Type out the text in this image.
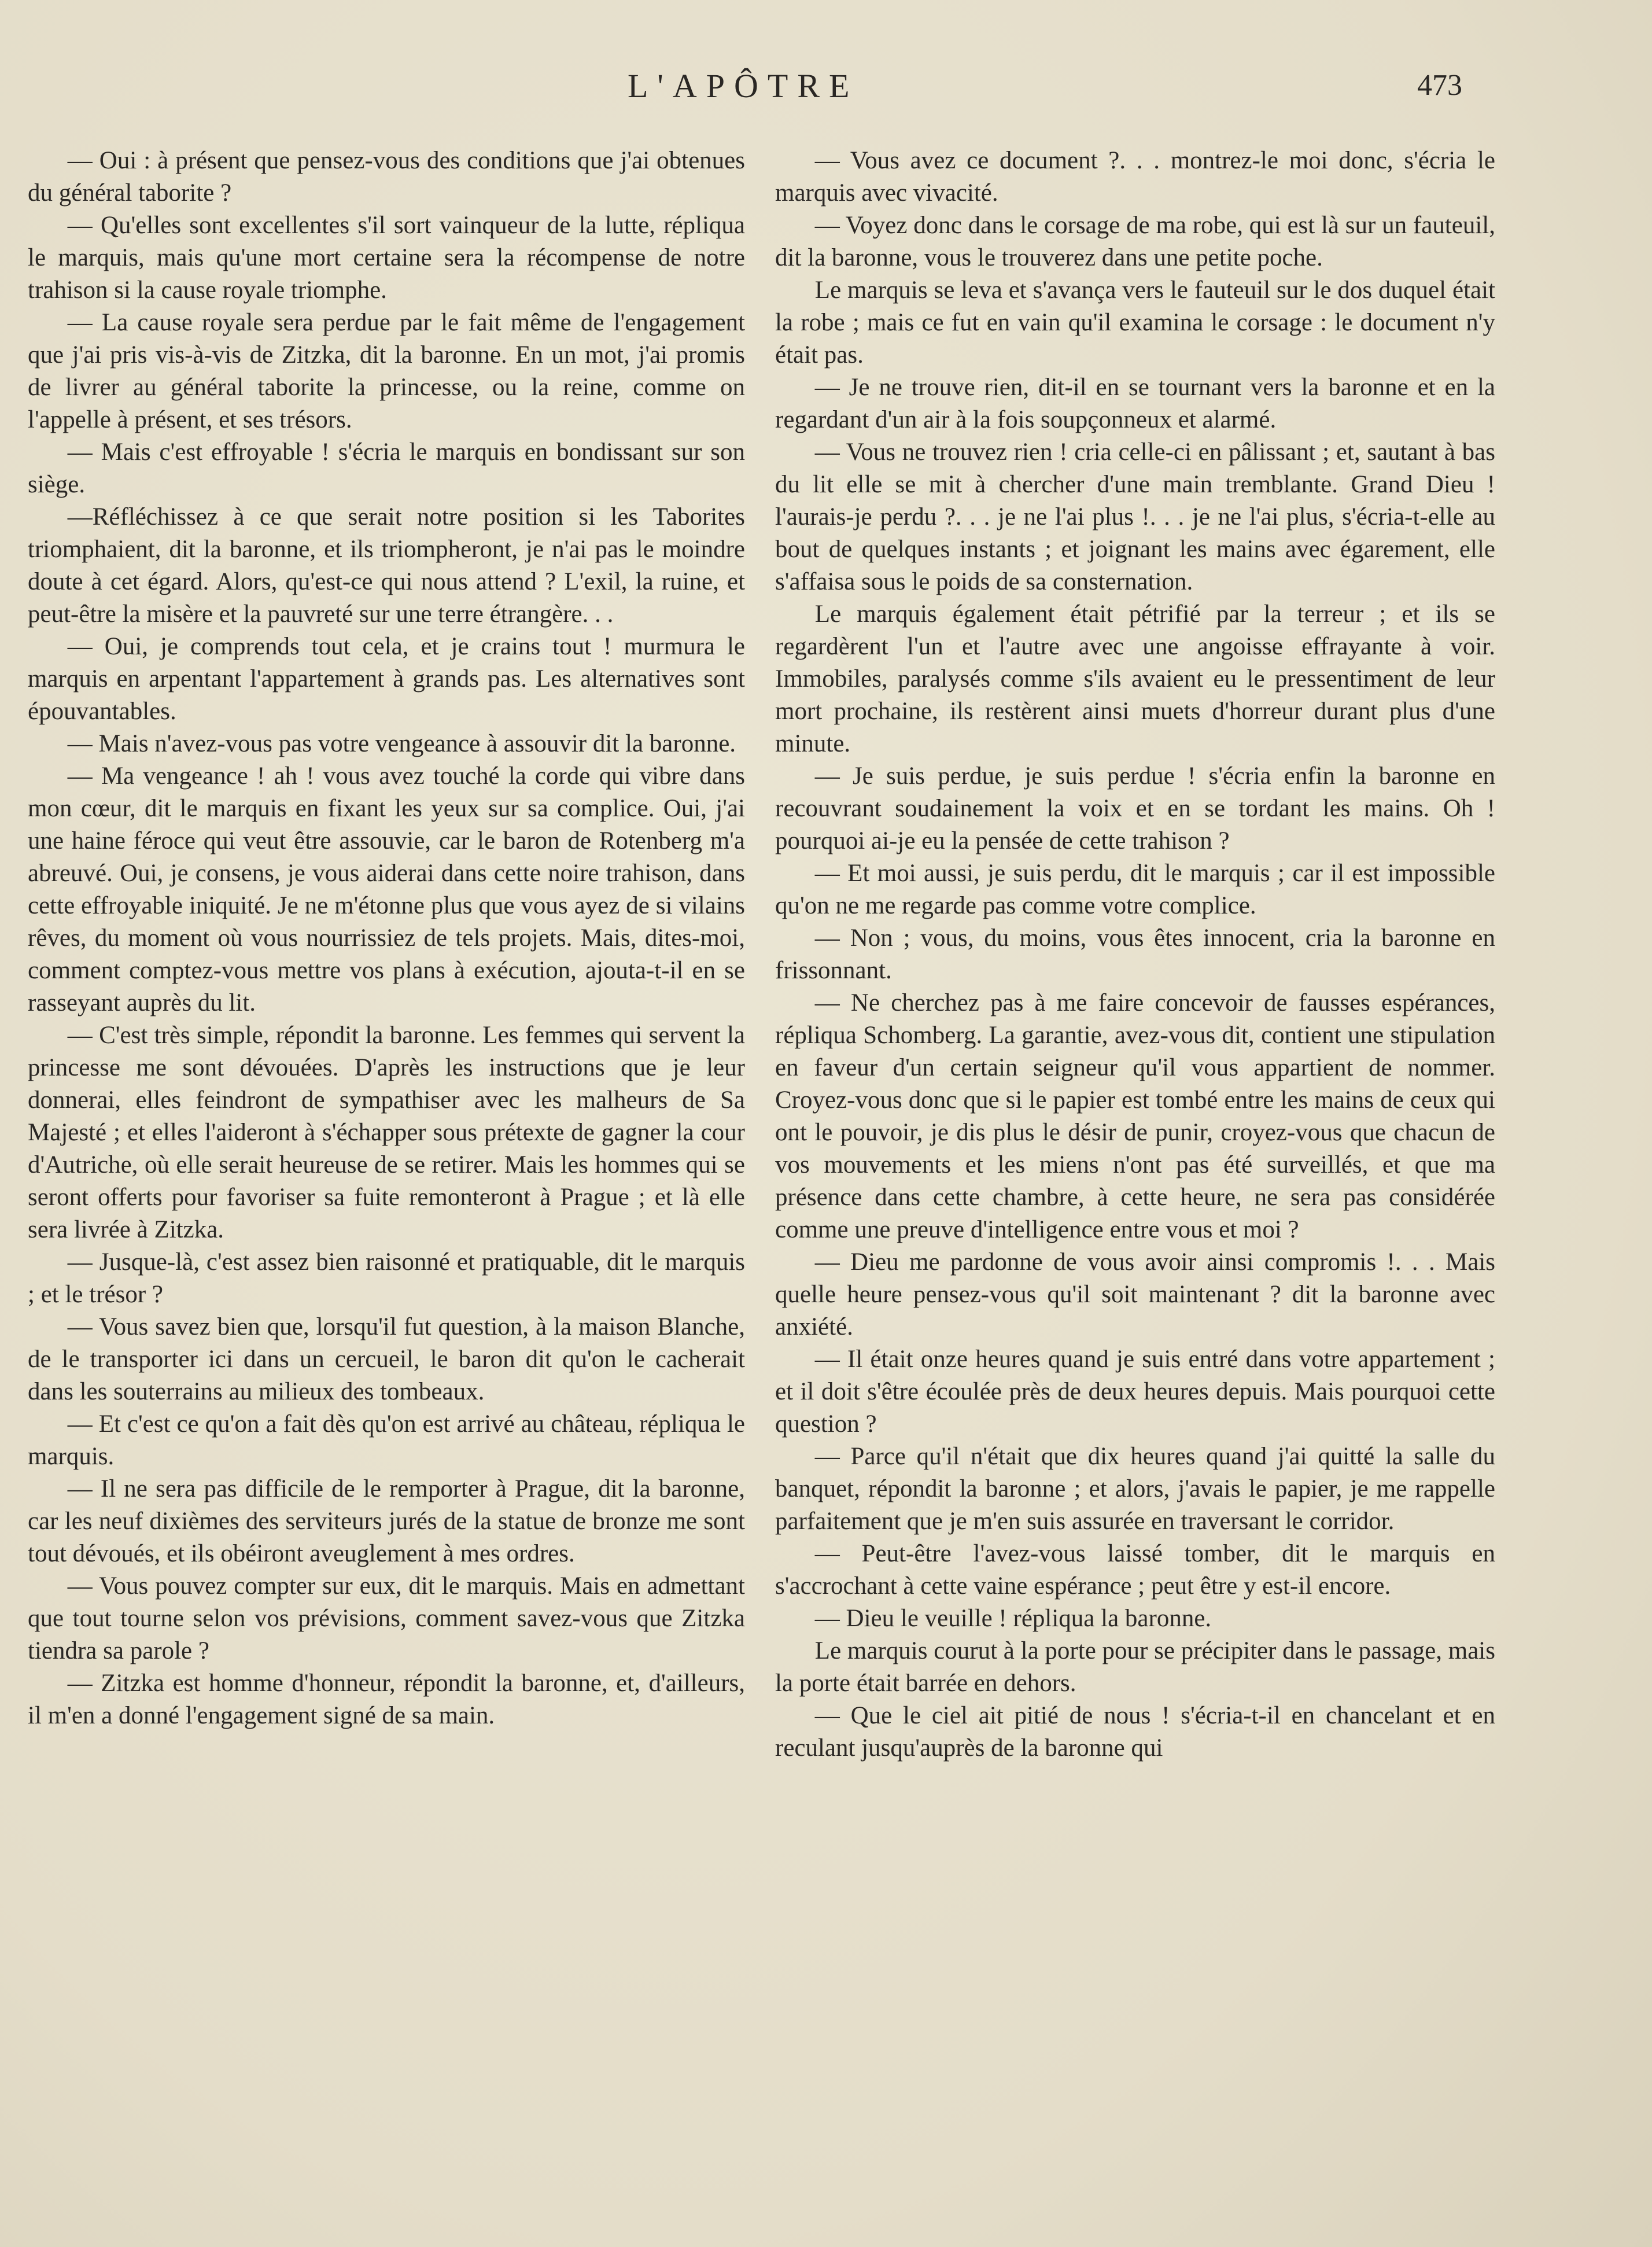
L'APÔTRE	473

— Oui : à présent que pensez-vous des conditions que j'ai obtenues du général taborite ?

— Qu'elles sont excellentes s'il sort vainqueur de la lutte, répliqua le marquis, mais qu'une mort certaine sera la récompense de notre trahison si la cause royale triomphe.

— La cause royale sera perdue par le fait même de l'engagement que j'ai pris vis-à-vis de Zitzka, dit la baronne. En un mot, j'ai promis de livrer au général taborite la princesse, ou la reine, comme on l'appelle à présent, et ses trésors.

— Mais c'est effroyable ! s'écria le marquis en bondissant sur son siège.

—Réfléchissez à ce que serait notre position si les Taborites triomphaient, dit la baronne, et ils triompheront, je n'ai pas le moindre doute à cet égard. Alors, qu'est-ce qui nous attend ? L'exil, la ruine, et peut-être la misère et la pauvreté sur une terre étrangère. . .

— Oui, je comprends tout cela, et je crains tout ! murmura le marquis en arpentant l'appartement à grands pas. Les alternatives sont épouvantables.

— Mais n'avez-vous pas votre vengeance à assouvir dit la baronne.

— Ma vengeance ! ah ! vous avez touché la corde qui vibre dans mon cœur, dit le marquis en fixant les yeux sur sa complice. Oui, j'ai une haine féroce qui veut être assouvie, car le baron de Rotenberg m'a abreuvé. Oui, je consens, je vous aiderai dans cette noire trahison, dans cette effroyable iniquité. Je ne m'étonne plus que vous ayez de si vilains rêves, du moment où vous nourrissiez de tels projets. Mais, dites-moi, comment comptez-vous mettre vos plans à exécution, ajouta-t-il en se rasseyant auprès du lit.

— C'est très simple, répondit la baronne. Les femmes qui servent la princesse me sont dévouées. D'après les instructions que je leur donnerai, elles feindront de sympathiser avec les malheurs de Sa Majesté ; et elles l'aideront à s'échapper sous prétexte de gagner la cour d'Autriche, où elle serait heureuse de se retirer. Mais les hommes qui se seront offerts pour favoriser sa fuite remonteront à Prague ; et là elle sera livrée à Zitzka.

— Jusque-là, c'est assez bien raisonné et pratiquable, dit le marquis ; et le trésor ?

— Vous savez bien que, lorsqu'il fut question, à la maison Blanche, de le transporter ici dans un cercueil, le baron dit qu'on le cacherait dans les souterrains au milieux des tombeaux.

— Et c'est ce qu'on a fait dès qu'on est arrivé au château, répliqua le marquis.

— Il ne sera pas difficile de le remporter à Prague, dit la baronne, car les neuf dixièmes des serviteurs jurés de la statue de bronze me sont tout dévoués, et ils obéiront aveuglement à mes ordres.

— Vous pouvez compter sur eux, dit le marquis. Mais en admettant que tout tourne selon vos prévisions, comment savez-vous que Zitzka tiendra sa parole ?

— Zitzka est homme d'honneur, répondit la baronne, et, d'ailleurs, il m'en a donné l'engagement signé de sa main.

— Vous avez ce document ?. . . montrez-le moi donc, s'écria le marquis avec vivacité.

— Voyez donc dans le corsage de ma robe, qui est là sur un fauteuil, dit la baronne, vous le trouverez dans une petite poche.

Le marquis se leva et s'avança vers le fauteuil sur le dos duquel était la robe ; mais ce fut en vain qu'il examina le corsage : le document n'y était pas.

— Je ne trouve rien, dit-il en se tournant vers la baronne et en la regardant d'un air à la fois soupçonneux et alarmé.

— Vous ne trouvez rien ! cria celle-ci en pâlissant ; et, sautant à bas du lit elle se mit à chercher d'une main tremblante. Grand Dieu ! l'aurais-je perdu ?. . . je ne l'ai plus !. . . je ne l'ai plus, s'écria-t-elle au bout de quelques instants ; et joignant les mains avec égarement, elle s'affaisa sous le poids de sa consternation.

Le marquis également était pétrifié par la terreur ; et ils se regardèrent l'un et l'autre avec une angoisse effrayante à voir. Immobiles, paralysés comme s'ils avaient eu le pressentiment de leur mort prochaine, ils restèrent ainsi muets d'horreur durant plus d'une minute.

— Je suis perdue, je suis perdue ! s'écria enfin la baronne en recouvrant soudainement la voix et en se tordant les mains. Oh ! pourquoi ai-je eu la pensée de cette trahison ?

— Et moi aussi, je suis perdu, dit le marquis ; car il est impossible qu'on ne me regarde pas comme votre complice.

— Non ; vous, du moins, vous êtes innocent, cria la baronne en frissonnant.

— Ne cherchez pas à me faire concevoir de fausses espérances, répliqua Schomberg. La garantie, avez-vous dit, contient une stipulation en faveur d'un certain seigneur qu'il vous appartient de nommer. Croyez-vous donc que si le papier est tombé entre les mains de ceux qui ont le pouvoir, je dis plus le désir de punir, croyez-vous que chacun de vos mouvements et les miens n'ont pas été surveillés, et que ma présence dans cette chambre, à cette heure, ne sera pas considérée comme une preuve d'intelligence entre vous et moi ?

— Dieu me pardonne de vous avoir ainsi compromis !. . . Mais quelle heure pensez-vous qu'il soit maintenant ? dit la baronne avec anxiété.

— Il était onze heures quand je suis entré dans votre appartement ; et il doit s'être écoulée près de deux heures depuis. Mais pourquoi cette question ?

— Parce qu'il n'était que dix heures quand j'ai quitté la salle du banquet, répondit la baronne ; et alors, j'avais le papier, je me rappelle parfaitement que je m'en suis assurée en traversant le corridor.

— Peut-être l'avez-vous laissé tomber, dit le marquis en s'accrochant à cette vaine espérance ; peut être y est-il encore.

— Dieu le veuille ! répliqua la baronne.

Le marquis courut à la porte pour se précipiter dans le passage, mais la porte était barrée en dehors.

— Que le ciel ait pitié de nous ! s'écria-t-il en chancelant et en reculant jusqu'auprès de la baronne qui
